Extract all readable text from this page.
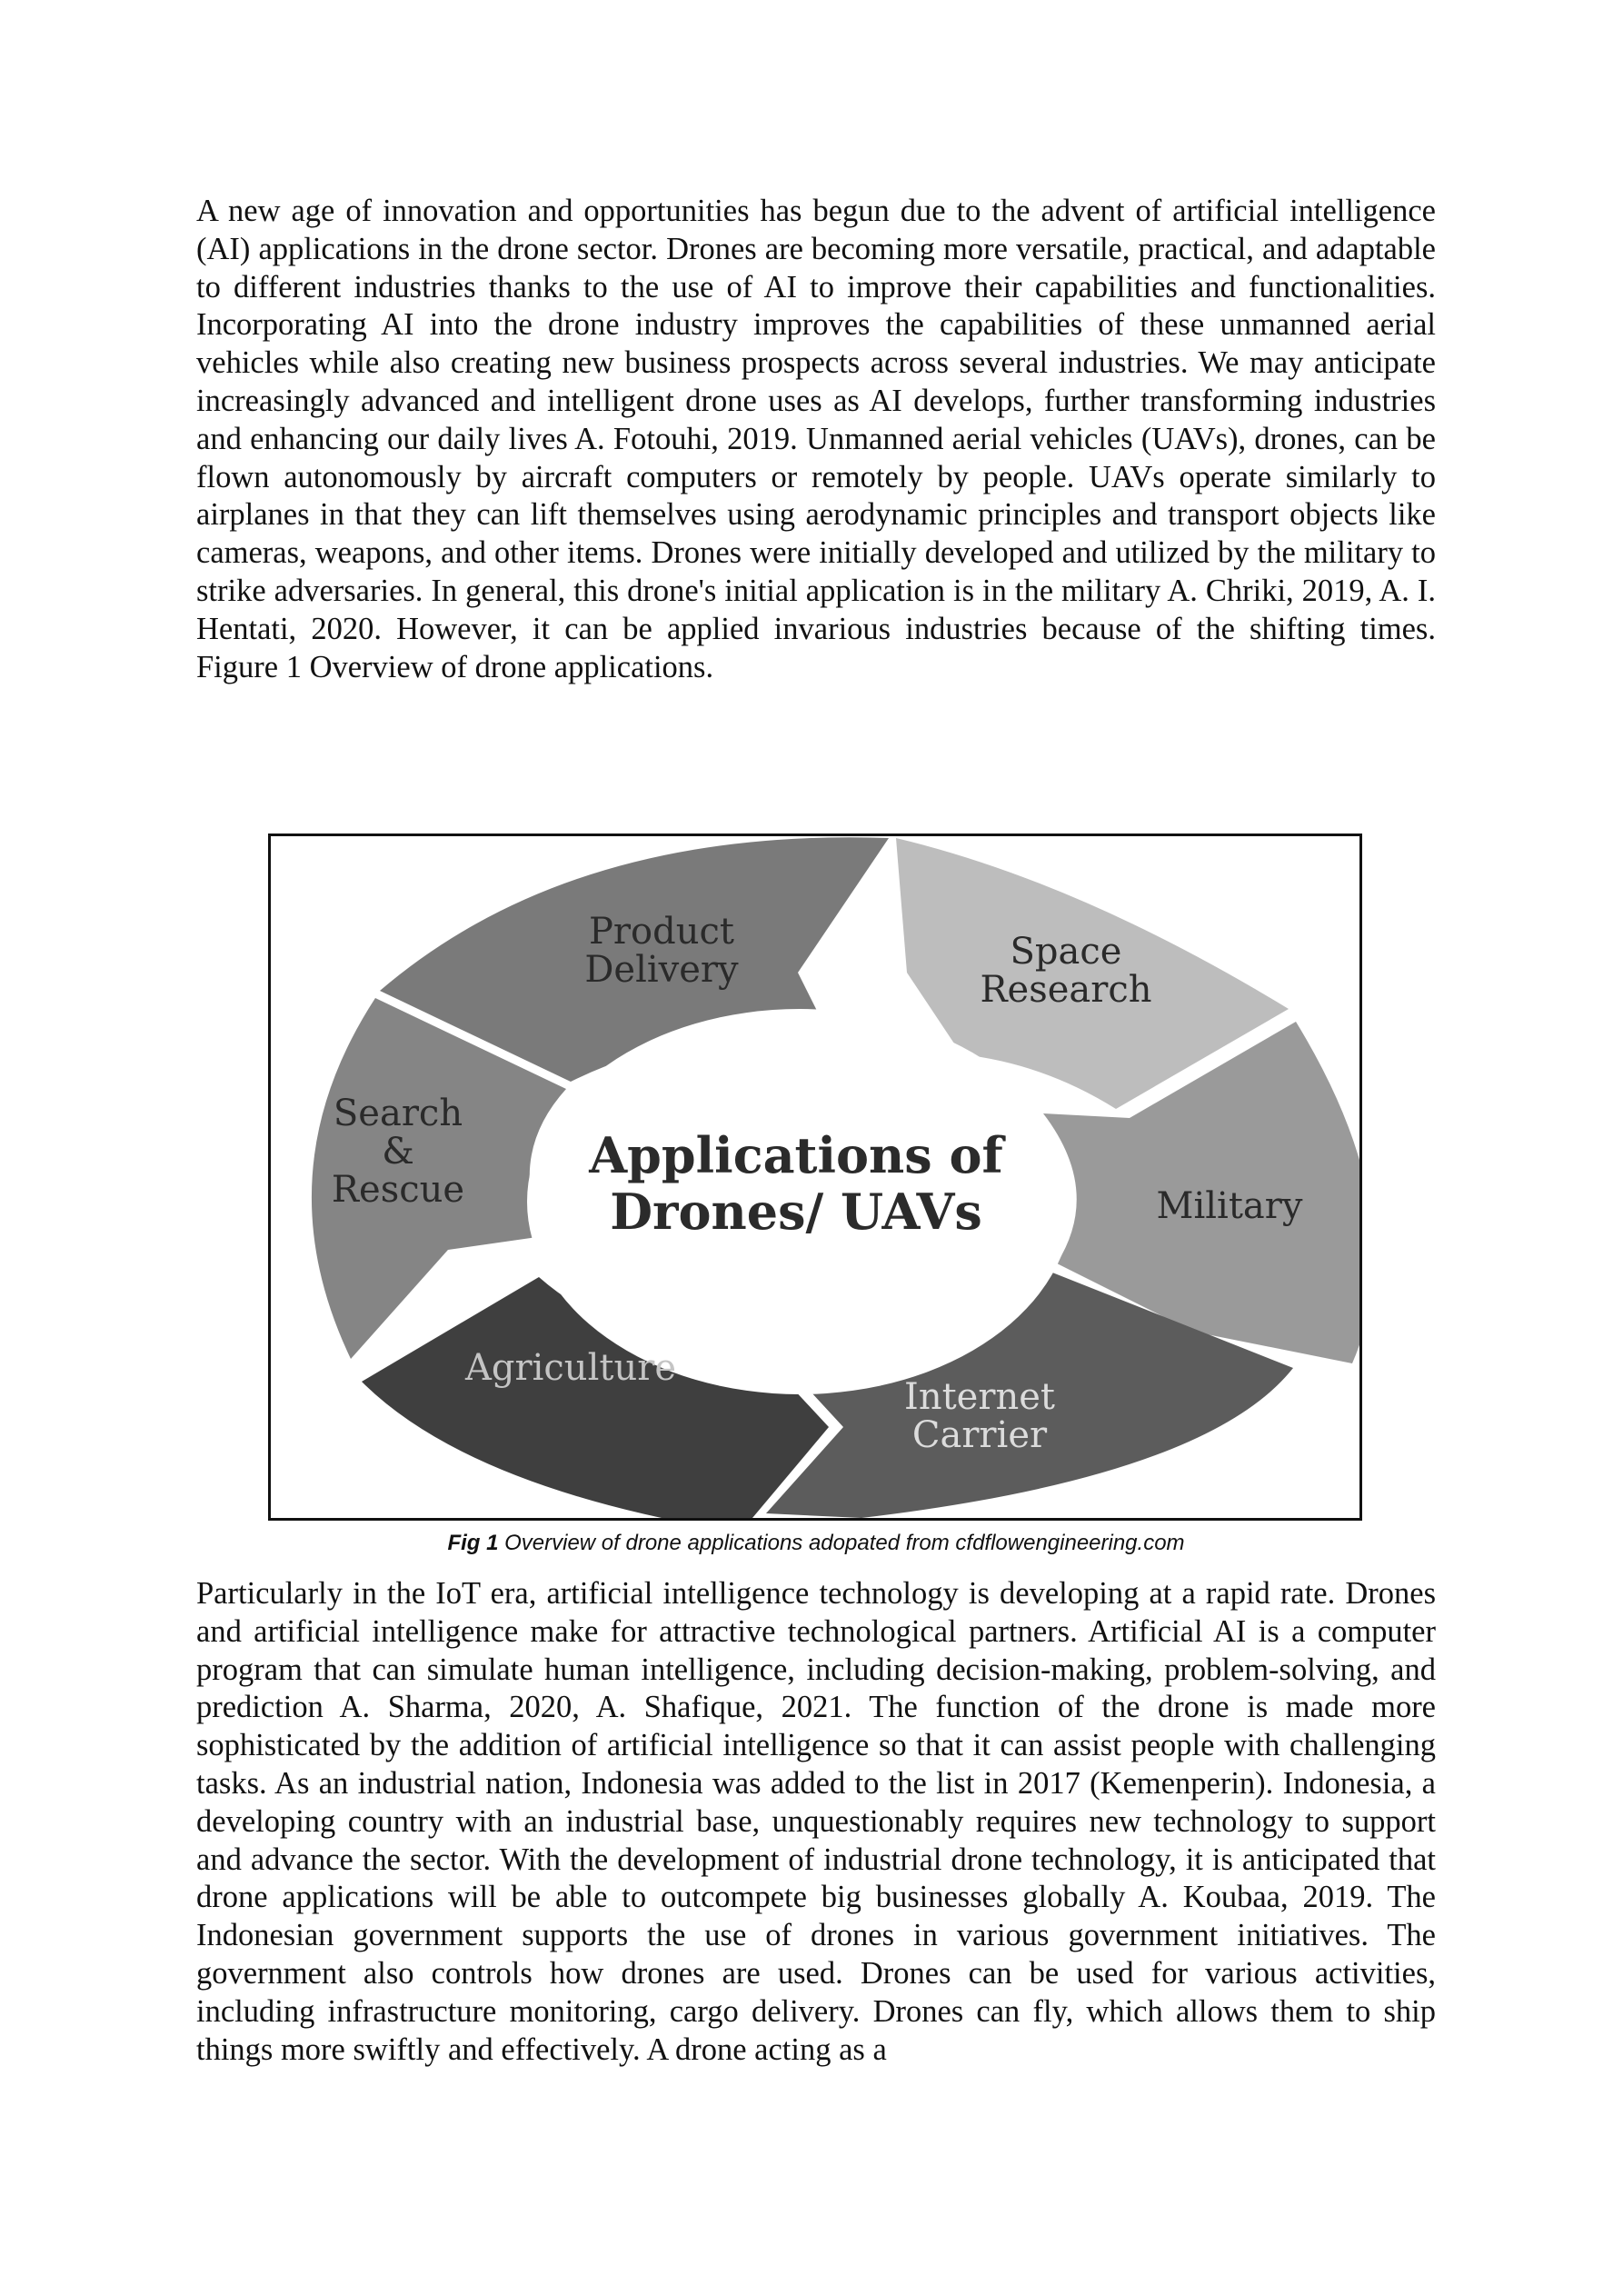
A new age of innovation and opportunities has begun due to the advent of artificial intelligence (AI) applications in the drone sector. Drones are becoming more versatile, practical, and adaptable to different industries thanks to the use of AI to improve their capabilities and functionalities. Incorporating AI into the drone industry improves the capabilities of these unmanned aerial vehicles while also creating new business prospects across several industries. We may anticipate increasingly advanced and intelligent drone uses as AI develops, further transforming industries and enhancing our daily lives A. Fotouhi, 2019. Unmanned aerial vehicles (UAVs), drones, can be flown autonomously by aircraft computers or remotely by people. UAVs operate similarly to airplanes in that they can lift themselves using aerodynamic principles and transport objects like cameras, weapons, and other items. Drones were initially developed and utilized by the military to strike adversaries. In general, this drone's initial application is in the military A. Chriki, 2019, A. I. Hentati, 2020. However, it can be applied invarious industries because of the shifting times. Figure 1 Overview of drone applications.

Product
Delivery	Space
Research
Military
Internet
Carrier
Agriculture
Search
&
Rescue
Applications of
Drones/ UAVs
Fig 1 Overview of drone applications adopated from cfdflowengineering.com

Particularly in the IoT era, artificial intelligence technology is developing at a rapid rate. Drones and artificial intelligence make for attractive technological partners. Artificial AI is a computer program that can simulate human intelligence, including decision-making, problem-solving, and prediction A. Sharma, 2020, A. Shafique, 2021. The function of the drone is made more sophisticated by the addition of artificial intelligence so that it can assist people with challenging tasks. As an industrial nation, Indonesia was added to the list in 2017 (Kemenperin). Indonesia, a developing country with an industrial base, unquestionably requires new technology to support and advance the sector. With the development of industrial drone technology, it is anticipated that drone applications will be able to outcompete big businesses globally A. Koubaa, 2019. The Indonesian government supports the use of drones in various government initiatives. The government also controls how drones are used. Drones can be used for various activities, including infrastructure monitoring, cargo delivery. Drones can fly, which allows them to ship things more swiftly and effectively. A drone acting as a
